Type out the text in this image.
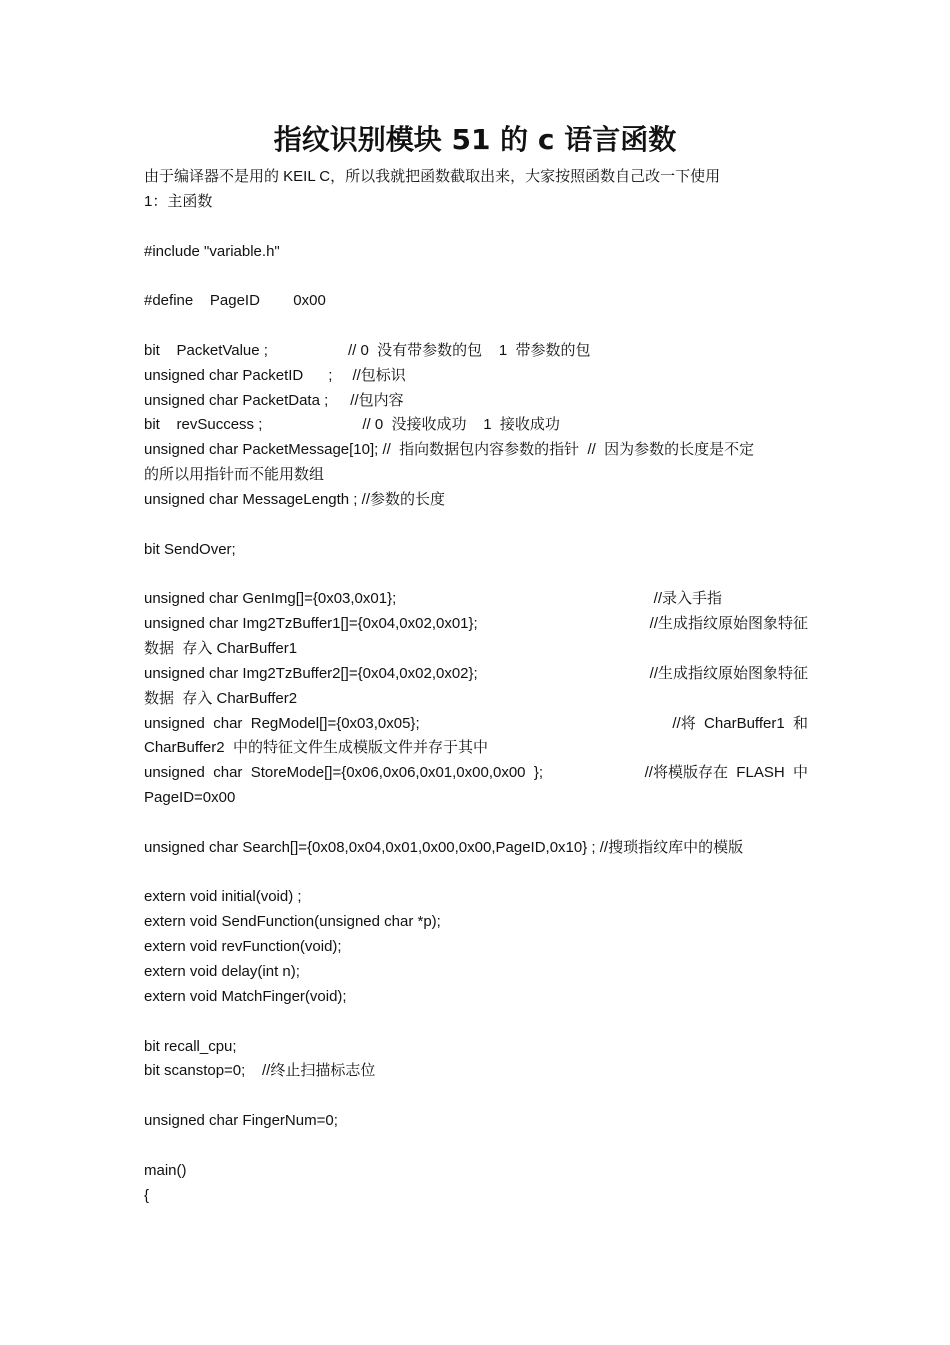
指纹识别模块 51 的 c 语言函数
由于编译器不是用的 KEIL C，所以我就把函数截取出来，大家按照函数自己改一下使用
1：主函数
#include "variable.h"
#define    PageID        0x00
bit    PacketValue ;	// 0  没有带参数的包    1  带参数的包
unsigned char PacketID      ; //包标识
unsigned char PacketData ; //包内容
bit    revSuccess ;	// 0  没接收成功    1  接收成功
unsigned char PacketMessage[10]; //  指向数据包内容参数的指针  //  因为参数的长度是不定
的所以用指针而不能用数组
unsigned char MessageLength ; //参数的长度
bit SendOver;
unsigned char GenImg[]={0x03,0x01};	//录入手指
unsigned char Img2TzBuffer1[]={0x04,0x02,0x01};	//生成指纹原始图象特征
数据  存入 CharBuffer1
unsigned char Img2TzBuffer2[]={0x04,0x02,0x02};	//生成指纹原始图象特征
数据  存入 CharBuffer2
unsigned  char  RegModel[]={0x03,0x05};	//将  CharBuffer1  和
CharBuffer2  中的特征文件生成模版文件并存于其中
unsigned  char  StoreMode[]={0x06,0x06,0x01,0x00,0x00  };	//将模版存在  FLASH  中
PageID=0x00
unsigned char Search[]={0x08,0x04,0x01,0x00,0x00,PageID,0x10} ; //搜琐指纹库中的模版
extern void initial(void) ;
extern void SendFunction(unsigned char *p);
extern void revFunction(void);
extern void delay(int n);
extern void MatchFinger(void);
bit recall_cpu;
bit scanstop=0;    //终止扫描标志位
unsigned char FingerNum=0;
main()
{
